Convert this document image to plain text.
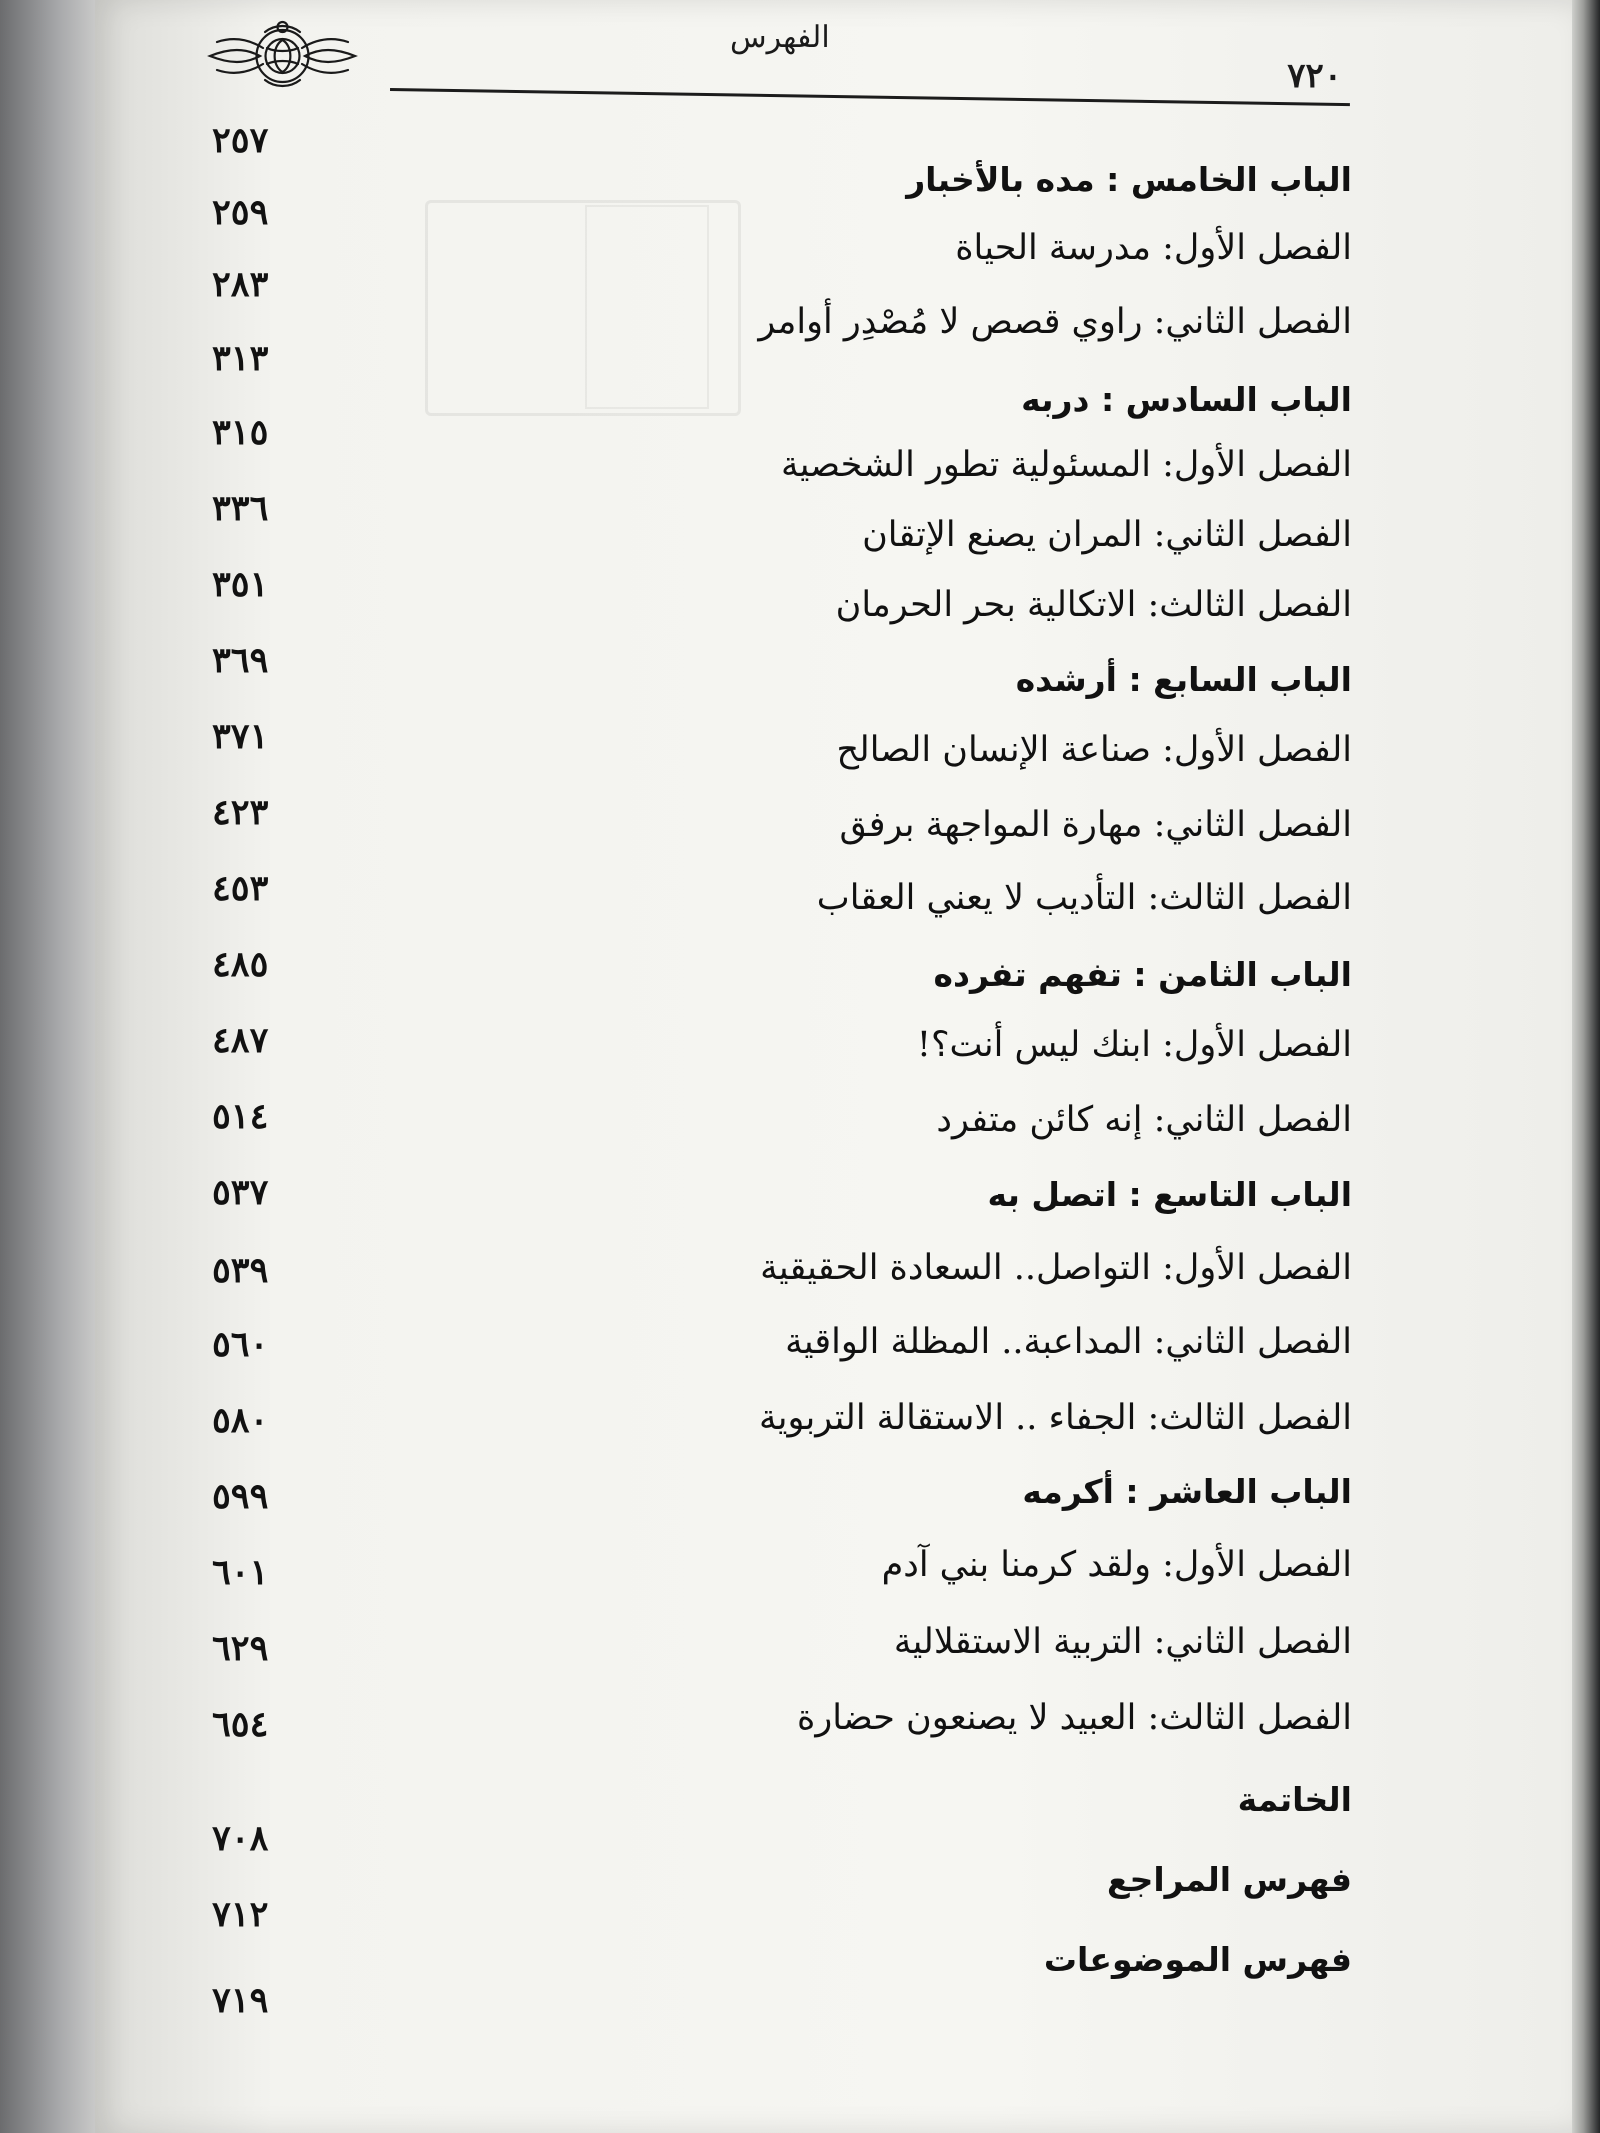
الفهرس
٧٢٠
الباب الخامس : مده بالأخبار
٢٥٧
الفصل الأول: مدرسة الحياة
٢٥٩
الفصل الثاني: راوي قصص لا مُصْدِر أوامر
٢٨٣
الباب السادس : دربه
٣١٣
الفصل الأول: المسئولية تطور الشخصية
٣١٥
الفصل الثاني: المران يصنع الإتقان
٣٣٦
الفصل الثالث: الاتكالية بحر الحرمان
٣٥١
الباب السابع : أرشده
٣٦٩
الفصل الأول: صناعة الإنسان الصالح
٣٧١
الفصل الثاني: مهارة المواجهة برفق
٤٢٣
الفصل الثالث: التأديب لا يعني العقاب
٤٥٣
الباب الثامن : تفهم تفرده
٤٨٥
الفصل الأول: ابنك ليس أنت؟!
٤٨٧
الفصل الثاني: إنه كائن متفرد
٥١٤
الباب التاسع : اتصل به
٥٣٧
الفصل الأول: التواصل.. السعادة الحقيقية
٥٣٩
الفصل الثاني: المداعبة.. المظلة الواقية
٥٦٠
الفصل الثالث: الجفاء .. الاستقالة التربوية
٥٨٠
الباب العاشر : أكرمه
٥٩٩
الفصل الأول: ولقد كرمنا بني آدم
٦٠١
الفصل الثاني: التربية الاستقلالية
٦٢٩
الفصل الثالث: العبيد لا يصنعون حضارة
٦٥٤
الخاتمة
٧٠٨
فهرس المراجع
٧١٢
فهرس الموضوعات
٧١٩
